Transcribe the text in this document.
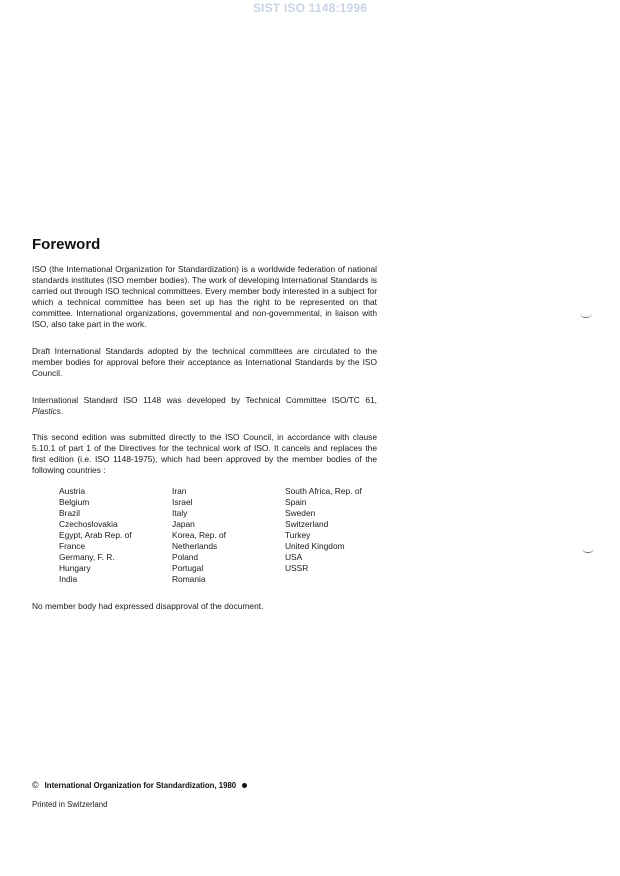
SIST ISO 1148:1996
Foreword

ISO (the International Organization for Standardization) is a worldwide federation of national standards institutes (ISO member bodies). The work of developing International Standards is carried out through ISO technical committees. Every member body interested in a subject for which a technical committee has been set up has the right to be represented on that committee. International organizations, governmental and non-governmental, in liaison with ISO, also take part in the work.

Draft International Standards adopted by the technical committees are circulated to the member bodies for approval before their acceptance as International Standards by the ISO Council.

International Standard ISO 1148 was developed by Technical Committee ISO/TC 61, Plastics.

This second edition was submitted directly to the ISO Council, in accordance with clause 5.10.1 of part 1 of the Directives for the technical work of ISO. It cancels and replaces the first edition (i.e. ISO 1148-1975), which had been approved by the member bodies of the following countries :

Austria
Belgium
Brazil
Czechoslovakia
Egypt, Arab Rep. of
France
Germany, F. R.
Hungary
India
Iran
Israel
Italy
Japan
Korea, Rep. of
Netherlands
Poland
Portugal
Romania
South Africa, Rep. of
Spain
Sweden
Switzerland
Turkey
United Kingdom
USA
USSR

No member body had expressed disapproval of the document.

© International Organization for Standardization, 1980
Printed in Switzerland
